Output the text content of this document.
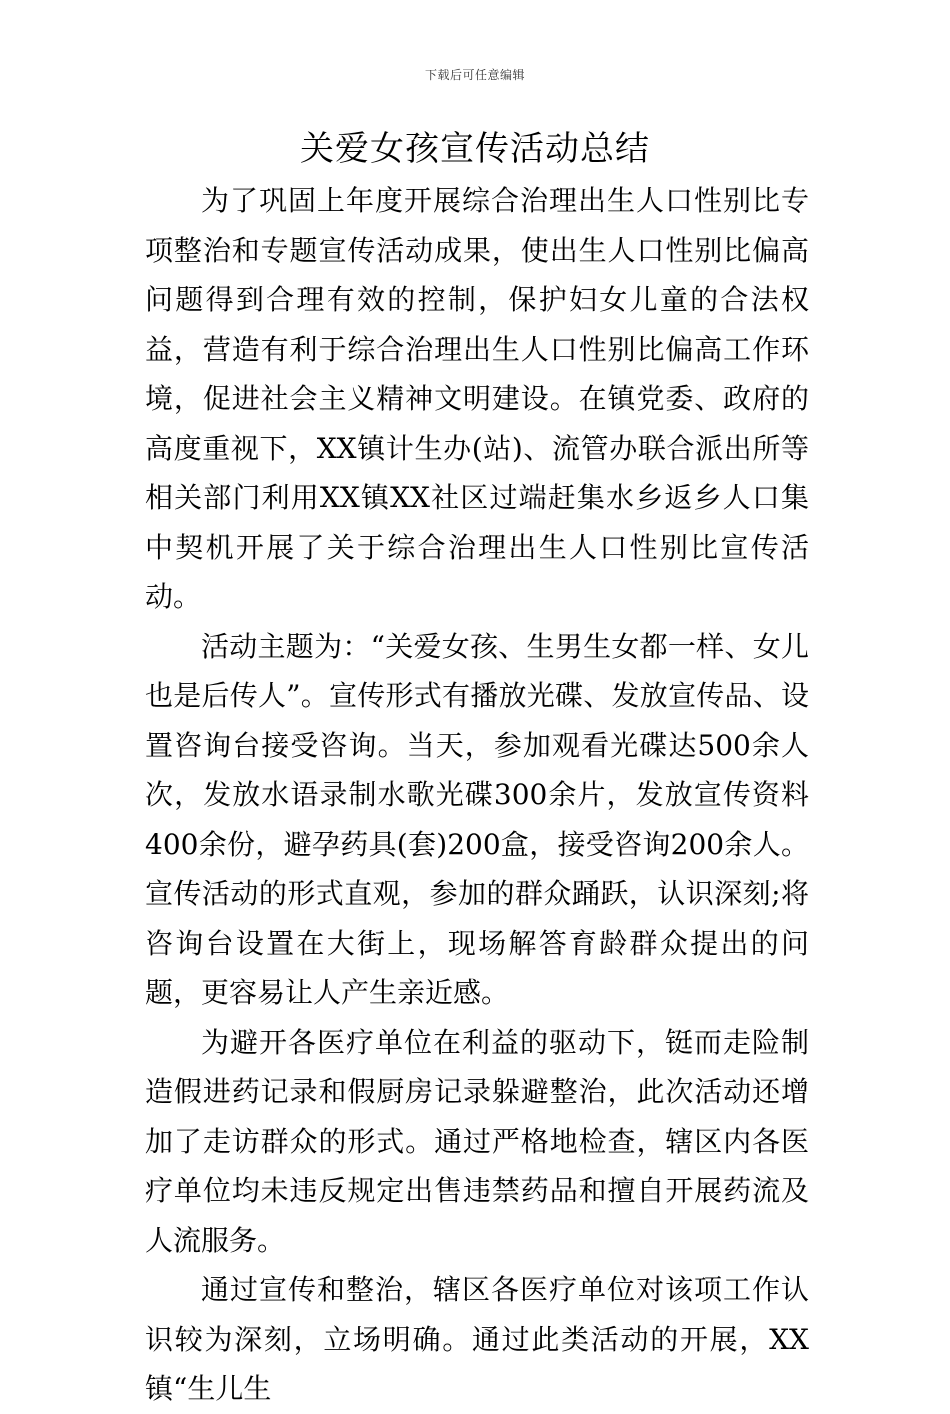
下载后可任意编辑
关爱女孩宣传活动总结

为了巩固上年度开展综合治理出生人口性别比专项整治和专题宣传活动成果，使出生人口性别比偏高问题得到合理有效的控制，保护妇女儿童的合法权益，营造有利于综合治理出生人口性别比偏高工作环境，促进社会主义精神文明建设。在镇党委、政府的高度重视下，XX镇计生办(站)、流管办联合派出所等相关部门利用XX镇XX社区过端赶集水乡返乡人口集中契机开展了关于综合治理出生人口性别比宣传活动。

活动主题为：“关爱女孩、生男生女都一样、女儿也是后传人”。宣传形式有播放光碟、发放宣传品、设置咨询台接受咨询。当天，参加观看光碟达500余人次，发放水语录制水歌光碟300余片，发放宣传资料400余份，避孕药具(套)200盒，接受咨询200余人。宣传活动的形式直观，参加的群众踊跃，认识深刻;将咨询台设置在大街上，现场解答育龄群众提出的问题，更容易让人产生亲近感。

为避开各医疗单位在利益的驱动下，铤而走险制造假进药记录和假厨房记录躲避整治，此次活动还增加了走访群众的形式。通过严格地检查，辖区内各医疗单位均未违反规定出售违禁药品和擅自开展药流及人流服务。

通过宣传和整治，辖区各医疗单位对该项工作认识较为深刻，立场明确。通过此类活动的开展，XX镇“生儿生
